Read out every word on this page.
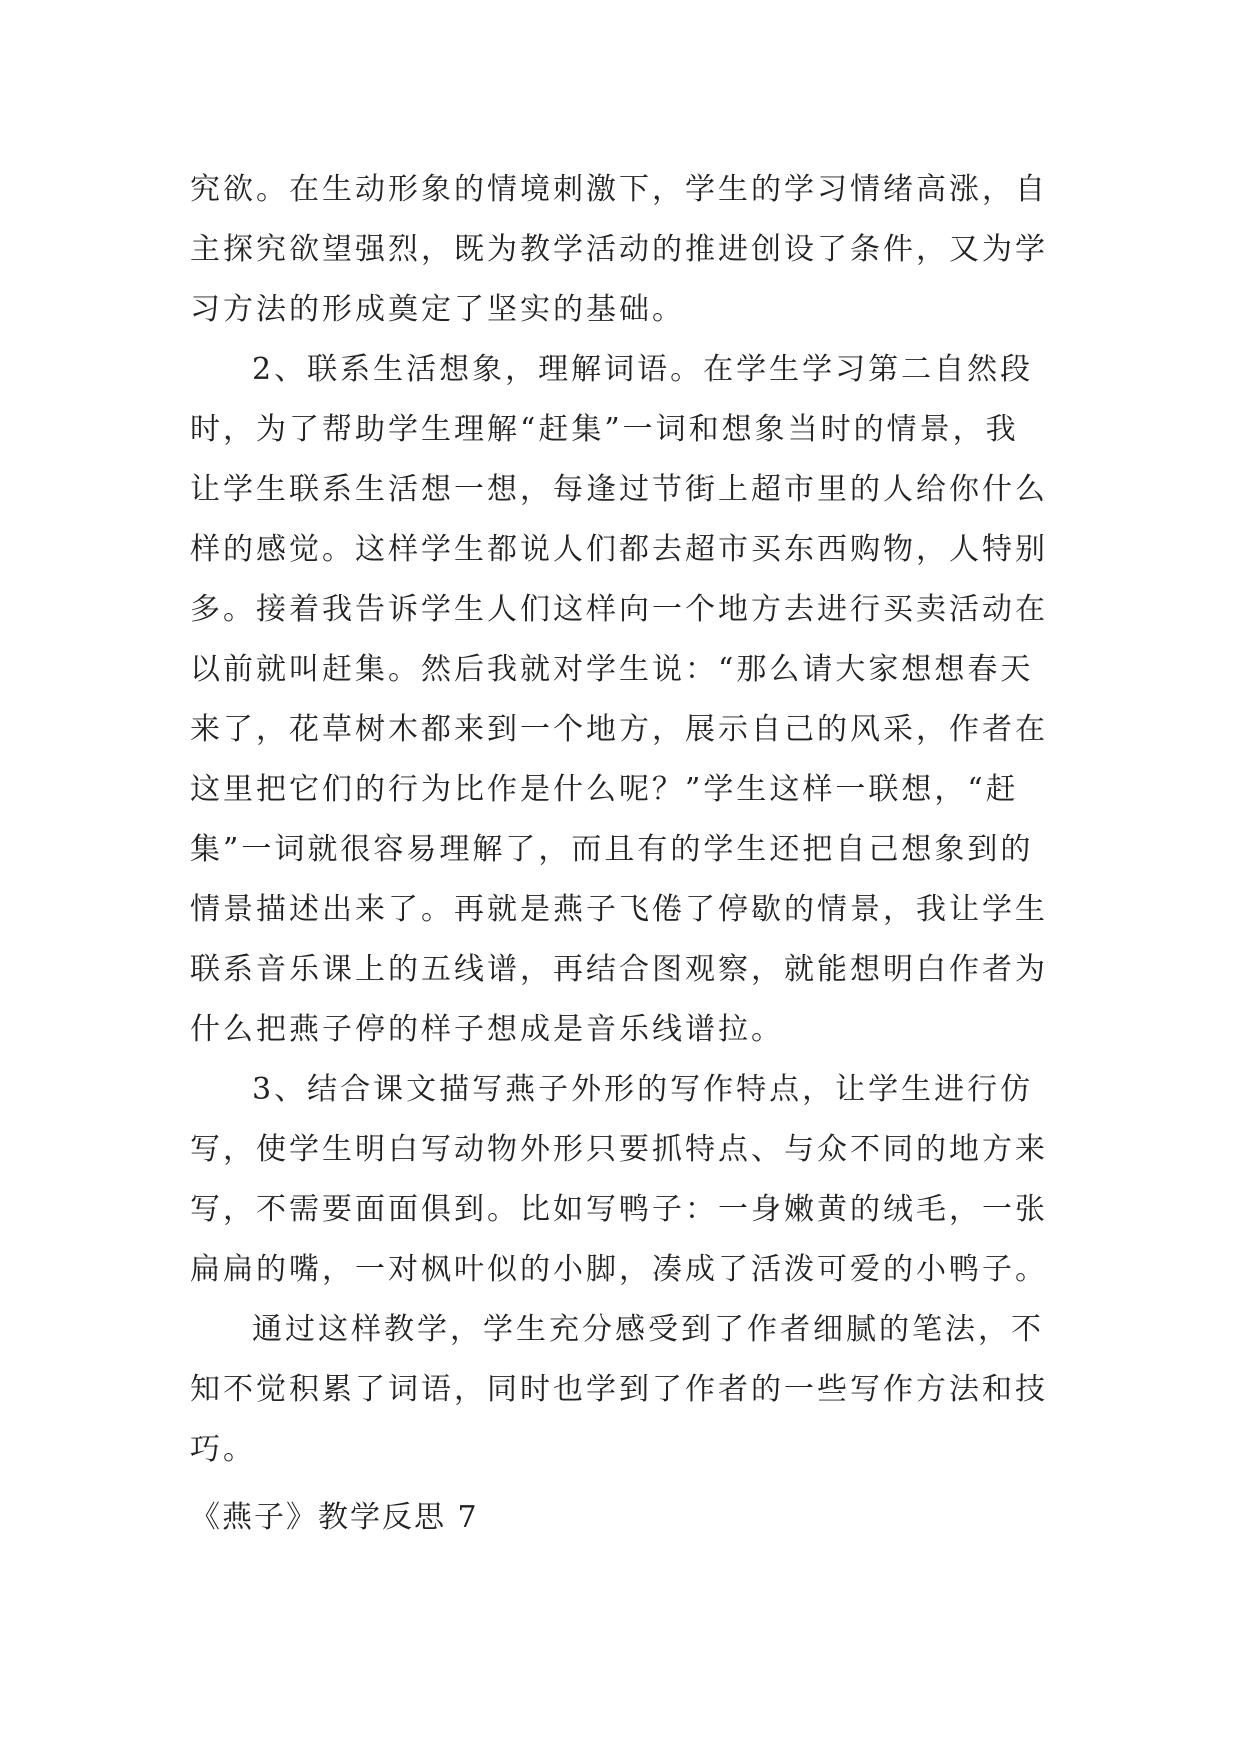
究欲。在生动形象的情境刺激下，学生的学习情绪高涨，自
主探究欲望强烈，既为教学活动的推进创设了条件，又为学
习方法的形成奠定了坚实的基础。
2、联系生活想象，理解词语。在学生学习第二自然段
时，为了帮助学生理解“赶集”一词和想象当时的情景，我
让学生联系生活想一想，每逢过节街上超市里的人给你什么
样的感觉。这样学生都说人们都去超市买东西购物，人特别
多。接着我告诉学生人们这样向一个地方去进行买卖活动在
以前就叫赶集。然后我就对学生说：“那么请大家想想春天
来了，花草树木都来到一个地方，展示自己的风采，作者在
这里把它们的行为比作是什么呢？”学生这样一联想，“赶
集”一词就很容易理解了，而且有的学生还把自己想象到的
情景描述出来了。再就是燕子飞倦了停歇的情景，我让学生
联系音乐课上的五线谱，再结合图观察，就能想明白作者为
什么把燕子停的样子想成是音乐线谱拉。
3、结合课文描写燕子外形的写作特点，让学生进行仿
写，使学生明白写动物外形只要抓特点、与众不同的地方来
写，不需要面面俱到。比如写鸭子：一身嫩黄的绒毛，一张
扁扁的嘴，一对枫叶似的小脚，凑成了活泼可爱的小鸭子。
通过这样教学，学生充分感受到了作者细腻的笔法，不
知不觉积累了词语，同时也学到了作者的一些写作方法和技
巧。
《燕子》教学反思 7
